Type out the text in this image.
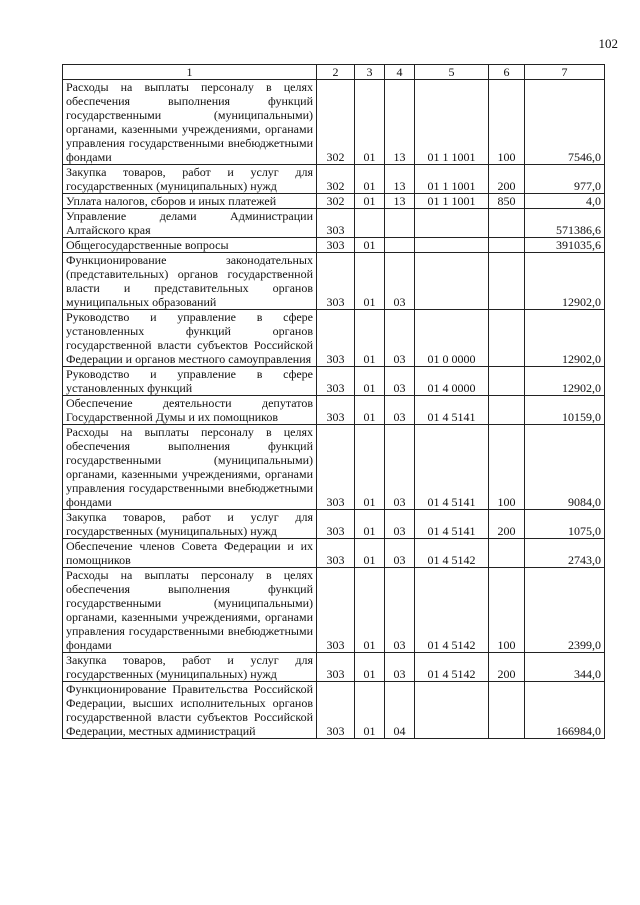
102
1	2	3	4	5	6	7
Расходы на выплаты персоналу в целях обеспечения выполнения функций государственными (муниципальными) органами, казенными учреждениями, органами управления государственными внебюджетными фондами	302	01	13	01 1 1001	100	7546,0
Закупка товаров, работ и услуг для государственных (муниципальных) нужд	302	01	13	01 1 1001	200	977,0
Уплата налогов, сборов и иных платежей	302	01	13	01 1 1001	850	4,0
Управление делами Администрации Алтайского края	303					571386,6
Общегосударственные вопросы	303	01				391035,6
Функционирование законодательных (представительных) органов государственной власти и представительных органов муниципальных образований	303	01	03			12902,0
Руководство и управление в сфере установленных функций органов государственной власти субъектов Российской Федерации и органов местного самоуправления	303	01	03	01 0 0000		12902,0
Руководство и управление в сфере установленных функций	303	01	03	01 4 0000		12902,0
Обеспечение деятельности депутатов Государственной Думы и их помощников	303	01	03	01 4 5141		10159,0
Расходы на выплаты персоналу в целях обеспечения выполнения функций государственными (муниципальными) органами, казенными учреждениями, органами управления государственными внебюджетными фондами	303	01	03	01 4 5141	100	9084,0
Закупка товаров, работ и услуг для государственных (муниципальных) нужд	303	01	03	01 4 5141	200	1075,0
Обеспечение членов Совета Федерации и их помощников	303	01	03	01 4 5142		2743,0
Расходы на выплаты персоналу в целях обеспечения выполнения функций государственными (муниципальными) органами, казенными учреждениями, органами управления государственными внебюджетными фондами	303	01	03	01 4 5142	100	2399,0
Закупка товаров, работ и услуг для государственных (муниципальных) нужд	303	01	03	01 4 5142	200	344,0
Функционирование Правительства Российской Федерации, высших исполнительных органов государственной власти субъектов Российской Федерации, местных администраций	303	01	04			166984,0
